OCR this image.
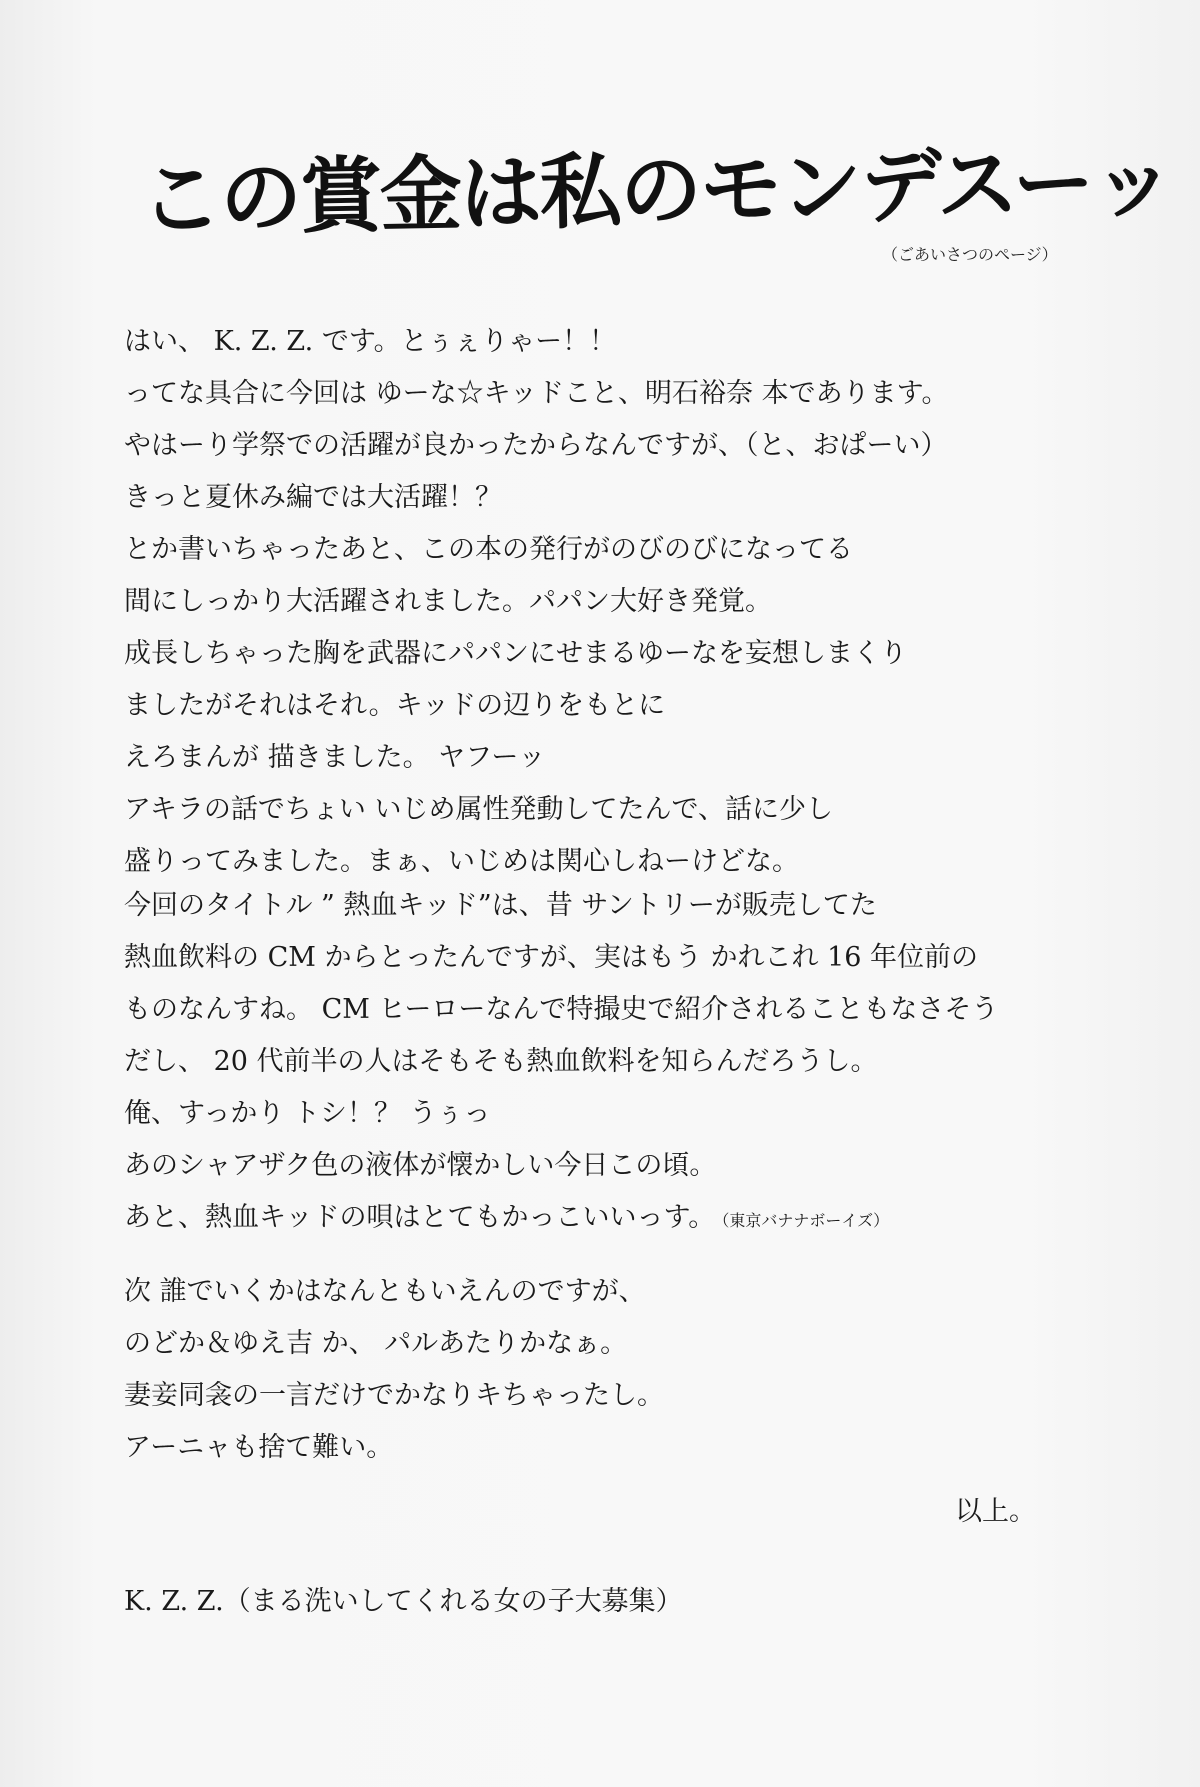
この賞金は私のモンデスーッ
（ごあいさつのページ）
はい、 K. Z. Z. です。とぅぇりゃー！！
ってな具合に今回は ゆーな☆キッドこと、明石裕奈 本であります。
やはーり学祭での活躍が良かったからなんですが、（と、おぱーい）
きっと夏休み編では大活躍！？
とか書いちゃったあと、この本の発行がのびのびになってる
間にしっかり大活躍されました。パパン大好き発覚。
成長しちゃった胸を武器にパパンにせまるゆーなを妄想しまくり
ましたがそれはそれ。キッドの辺りをもとに
えろまんが 描きました。 ヤフーッ
アキラの話でちょい いじめ属性発動してたんで、話に少し
盛りってみました。まぁ、いじめは関心しねーけどな。
今回のタイトル ” 熱血キッド”は、昔 サントリーが販売してた
熱血飲料の CM からとったんですが、実はもう かれこれ 16 年位前の
ものなんすね。 CM ヒーローなんで特撮史で紹介されることもなさそう
だし、 20 代前半の人はそもそも熱血飲料を知らんだろうし。
俺、すっかり トシ！？ うぅっ
あのシャアザク色の液体が懐かしい今日この頃。
あと、熱血キッドの唄はとてもかっこいいっす。 （東京バナナボーイズ）
次 誰でいくかはなんともいえんのですが、
のどか＆ゆえ吉 か、 パルあたりかなぁ。
妻妾同衾の一言だけでかなりキちゃったし。
アーニャも捨て難い。
以上。
K. Z. Z.（まる洗いしてくれる女の子大募集）
